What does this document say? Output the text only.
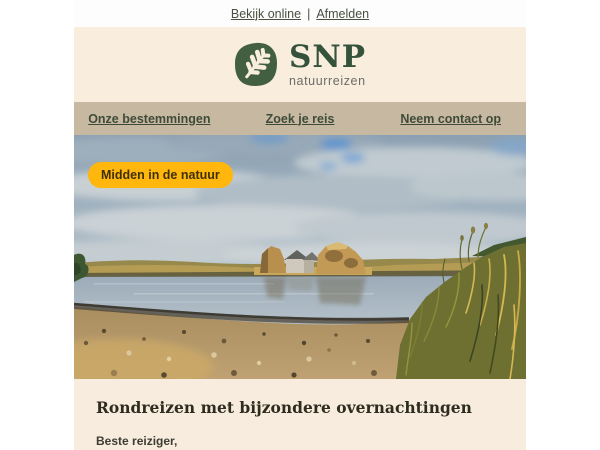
Bekijk online | Afmelden
SNP
natuurreizen
Onze bestemmingen	Zoek je reis	Neem contact op
Midden in de natuur
Rondreizen met bijzondere overnachtingen

Beste reiziger,
